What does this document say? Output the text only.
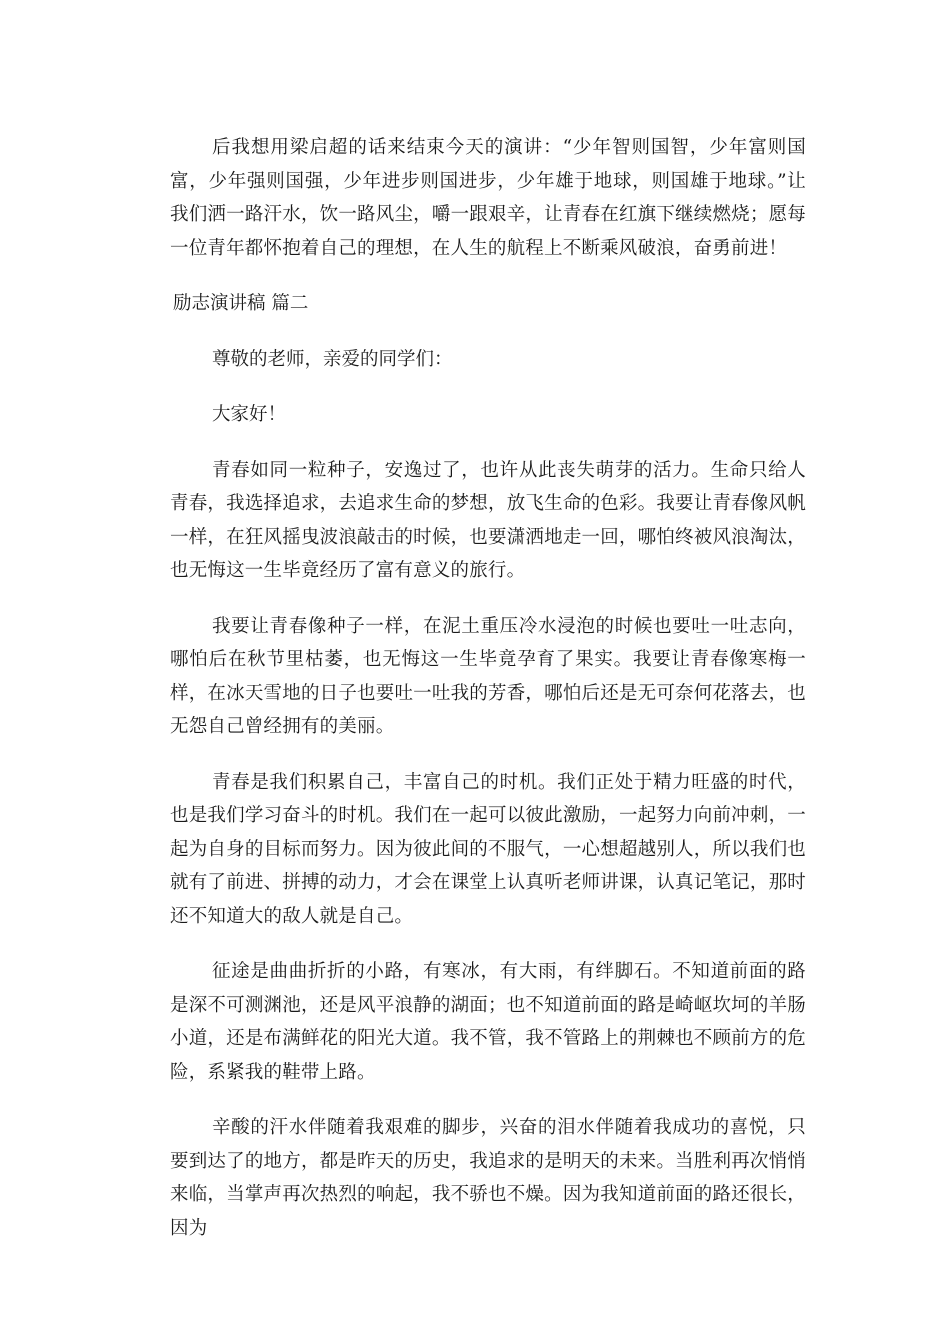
后我想用梁启超的话来结束今天的演讲：“少年智则国智，少年富则国富，少年强则国强，少年进步则国进步，少年雄于地球，则国雄于地球。”让我们洒一路汗水，饮一路风尘，嚼一跟艰辛，让青春在红旗下继续燃烧；愿每一位青年都怀抱着自己的理想，在人生的航程上不断乘风破浪，奋勇前进！

励志演讲稿 篇二

尊敬的老师，亲爱的同学们：

大家好！

青春如同一粒种子，安逸过了，也许从此丧失萌芽的活力。生命只给人青春，我选择追求，去追求生命的梦想，放飞生命的色彩。我要让青春像风帆一样，在狂风摇曳波浪敲击的时候，也要潇洒地走一回，哪怕终被风浪淘汰，也无悔这一生毕竟经历了富有意义的旅行。

我要让青春像种子一样，在泥土重压冷水浸泡的时候也要吐一吐志向，哪怕后在秋节里枯萎，也无悔这一生毕竟孕育了果实。我要让青春像寒梅一样，在冰天雪地的日子也要吐一吐我的芳香，哪怕后还是无可奈何花落去，也无怨自己曾经拥有的美丽。

青春是我们积累自己，丰富自己的时机。我们正处于精力旺盛的时代，也是我们学习奋斗的时机。我们在一起可以彼此激励，一起努力向前冲刺，一起为自身的目标而努力。因为彼此间的不服气，一心想超越别人，所以我们也就有了前进、拼搏的动力，才会在课堂上认真听老师讲课，认真记笔记，那时还不知道大的敌人就是自己。

征途是曲曲折折的小路，有寒冰，有大雨，有绊脚石。不知道前面的路是深不可测渊池，还是风平浪静的湖面；也不知道前面的路是崎岖坎坷的羊肠小道，还是布满鲜花的阳光大道。我不管，我不管路上的荆棘也不顾前方的危险，系紧我的鞋带上路。

辛酸的汗水伴随着我艰难的脚步，兴奋的泪水伴随着我成功的喜悦，只要到达了的地方，都是昨天的历史，我追求的是明天的未来。当胜利再次悄悄来临，当掌声再次热烈的响起，我不骄也不燥。因为我知道前面的路还很长，因为
